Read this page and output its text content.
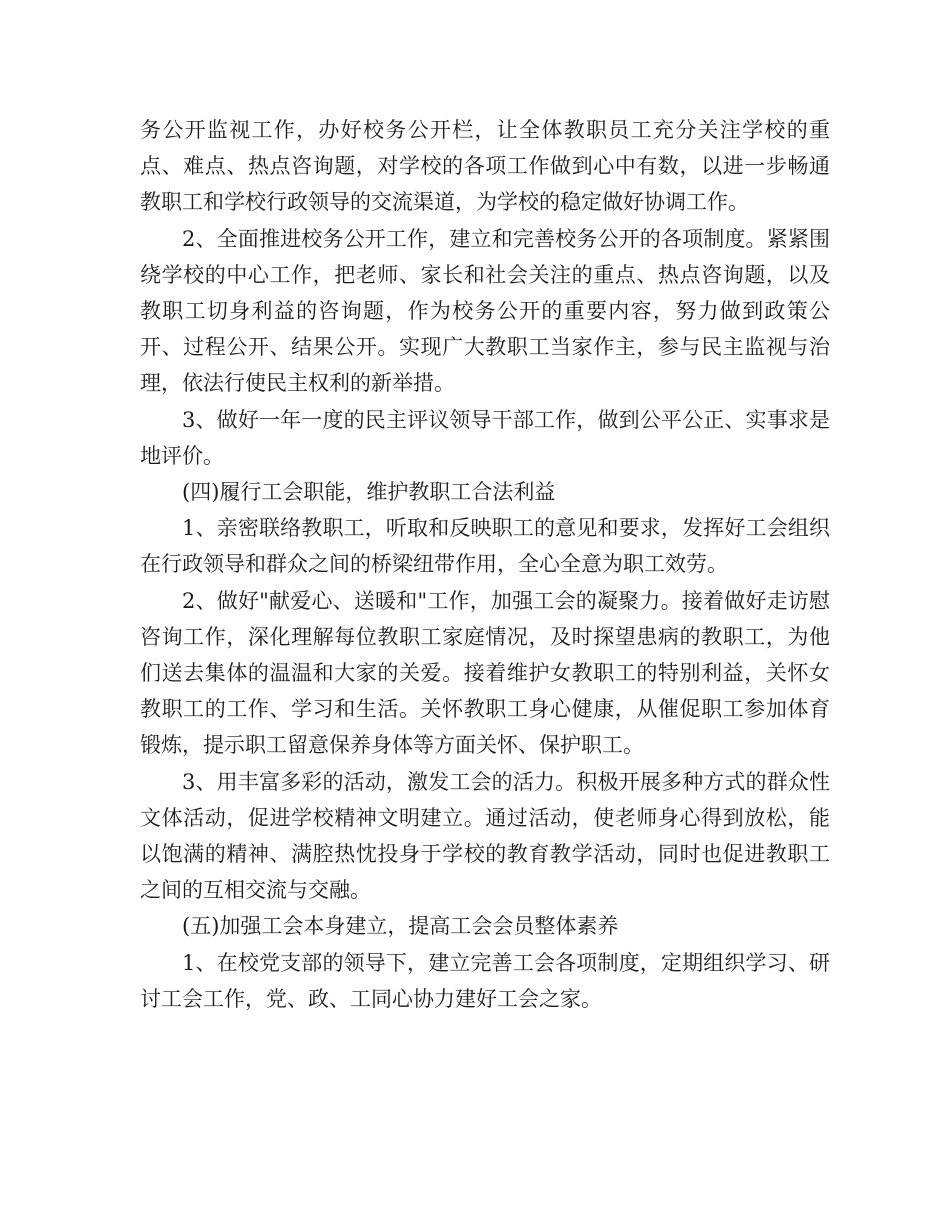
务公开监视工作，办好校务公开栏，让全体教职员工充分关注学校的重点、难点、热点咨询题，对学校的各项工作做到心中有数，以进一步畅通教职工和学校行政领导的交流渠道，为学校的稳定做好协调工作。

2、全面推进校务公开工作，建立和完善校务公开的各项制度。紧紧围绕学校的中心工作，把老师、家长和社会关注的重点、热点咨询题，以及教职工切身利益的咨询题，作为校务公开的重要内容，努力做到政策公开、过程公开、结果公开。实现广大教职工当家作主，参与民主监视与治理，依法行使民主权利的新举措。

3、做好一年一度的民主评议领导干部工作，做到公平公正、实事求是地评价。

(四)履行工会职能，维护教职工合法利益

1、亲密联络教职工，听取和反映职工的意见和要求，发挥好工会组织在行政领导和群众之间的桥梁纽带作用，全心全意为职工效劳。

2、做好"献爱心、送暖和"工作，加强工会的凝聚力。接着做好走访慰咨询工作，深化理解每位教职工家庭情况，及时探望患病的教职工，为他们送去集体的温温和大家的关爱。接着维护女教职工的特别利益，关怀女教职工的工作、学习和生活。关怀教职工身心健康，从催促职工参加体育锻炼，提示职工留意保养身体等方面关怀、保护职工。

3、用丰富多彩的活动，激发工会的活力。积极开展多种方式的群众性文体活动，促进学校精神文明建立。通过活动，使老师身心得到放松，能以饱满的精神、满腔热忱投身于学校的教育教学活动，同时也促进教职工之间的互相交流与交融。

(五)加强工会本身建立，提高工会会员整体素养

1、在校党支部的领导下，建立完善工会各项制度，定期组织学习、研讨工会工作，党、政、工同心协力建好工会之家。
